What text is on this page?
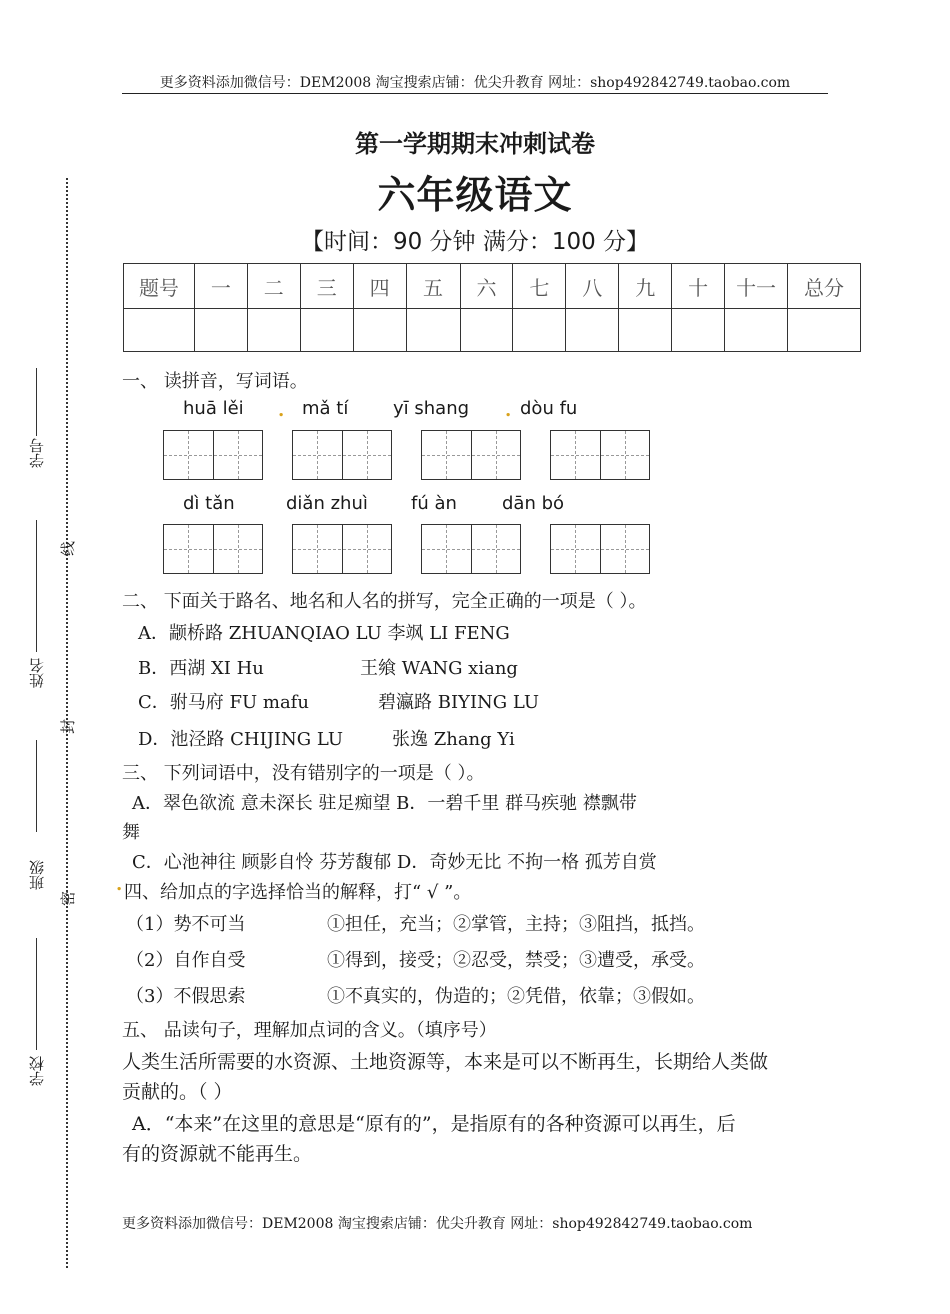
更多资料添加微信号：DEM2008 淘宝搜索店铺：优尖升教育 网址：shop492842749.taobao.com
学号
姓名
班级
学校
线
封
密
第一学期期末冲刺试卷
六年级语文
【时间：90 分钟 满分：100 分】
题号	一	二	三	四	五	六	七	八	九	十	十一	总分

一、 读拼音，写词语。
huā lěi . mǎ tí yī shang . dòu fu
dì tǎn	diǎn zhuì fú àn	dān bó
二、 下面关于路名、地名和人名的拼写，完全正确的一项是（ ）。
A．颛桥路 ZHUANQIAO LU 李飒 LI FENG
B．西湖 XI Hu	王飨 WANG xiang
C．驸马府 FU mafu	碧瀛路 BIYING LU
D．池泾路 CHIJING LU	张逸 Zhang Yi
三、 下列词语中，没有错别字的一项是（ ）。
A．翠色欲流 意未深长 驻足痴望 B．一碧千里 群马疾驰 襟飘带
舞
C．心池神往 顾影自怜 芬芳馥郁 D．奇妙无比 不拘一格 孤芳自赏
. 四、给加点的字选择恰当的解释，打“ √ ”。
（1）势不可当	①担任，充当；②掌管，主持；③阻挡，抵挡。
（2）自作自受	①得到，接受；②忍受，禁受；③遭受，承受。
（3）不假思索	①不真实的，伪造的；②凭借，依靠；③假如。
五、 品读句子，理解加点词的含义。（填序号）
人类生活所需要的水资源、土地资源等，本来是可以不断再生，长期给人类做
贡献的。（ ）
A．“本来”在这里的意思是“原有的”，是指原有的各种资源可以再生，后
有的资源就不能再生。
更多资料添加微信号：DEM2008 淘宝搜索店铺：优尖升教育 网址：shop492842749.taobao.com
